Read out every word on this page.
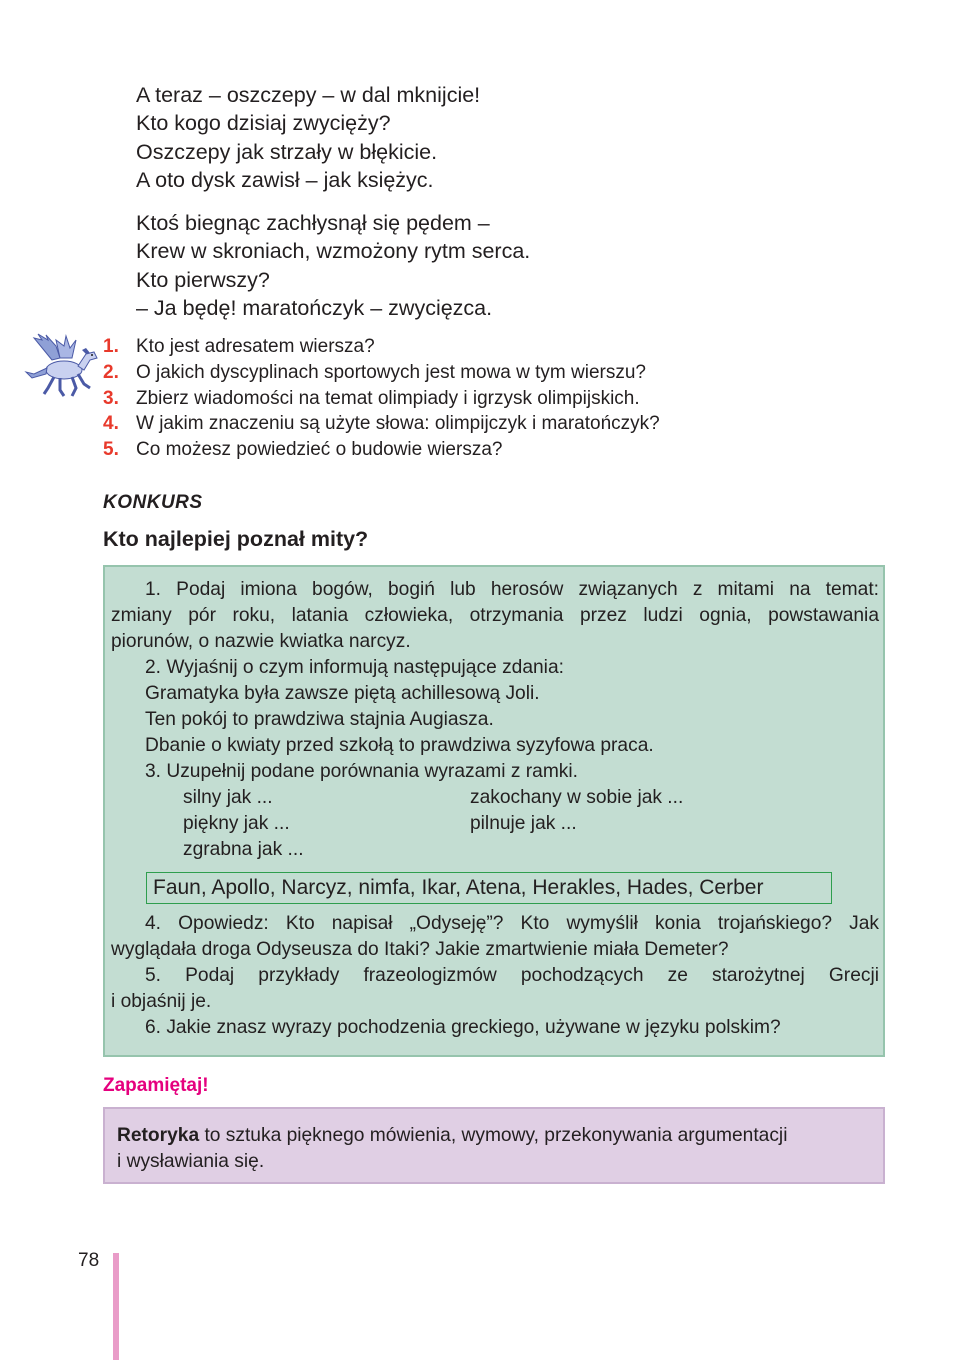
A teraz – oszczepy – w dal mknijcie!
Kto kogo dzisiaj zwycięży?
Oszczepy jak strzały w błękicie.
A oto dysk zawisł – jak księżyc.
Ktoś biegnąc zachłysnął się pędem –
Krew w skroniach, wzmożony rytm serca.
Kto pierwszy?
– Ja będę! maratończyk – zwycięzca.
1. Kto jest adresatem wiersza?
2. O jakich dyscyplinach sportowych jest mowa w tym wierszu?
3. Zbierz wiadomości na temat olimpiady i igrzysk olimpijskich.
4. W jakim znaczeniu są użyte słowa: olimpijczyk i maratończyk?
5. Co możesz powiedzieć o budowie wiersza?
KONKURS
Kto najlepiej poznał mity?
1. Podaj imiona bogów, bogiń lub herosów związanych z mitami na temat:
zmiany pór roku, latania człowieka, otrzymania przez ludzi ognia, powstawania
piorunów, o nazwie kwiatka narcyz.
2. Wyjaśnij o czym informują następujące zdania:
Gramatyka była zawsze piętą achillesową Joli.
Ten pokój to prawdziwa stajnia Augiasza.
Dbanie o kwiaty przed szkołą to prawdziwa syzyfowa praca.
3. Uzupełnij podane porównania wyrazami z ramki.
silny jak ...
piękny jak ...
zgrabna jak ...
zakochany w sobie jak ...
pilnuje jak ...
Faun, Apollo, Narcyz, nimfa, Ikar, Atena, Herakles, Hades, Cerber
4. Opowiedz: Kto napisał „Odyseję”? Kto wymyślił konia trojańskiego? Jak
wyglądała droga Odyseusza do Itaki? Jakie zmartwienie miała Demeter?
5. Podaj przykłady frazeologizmów pochodzących ze starożytnej Grecji
i objaśnij je.
6. Jakie znasz wyrazy pochodzenia greckiego, używane w języku polskim?
Zapamiętaj!
Retoryka to sztuka pięknego mówienia, wymowy, przekonywania argumentacji
i wysławiania się.
78
